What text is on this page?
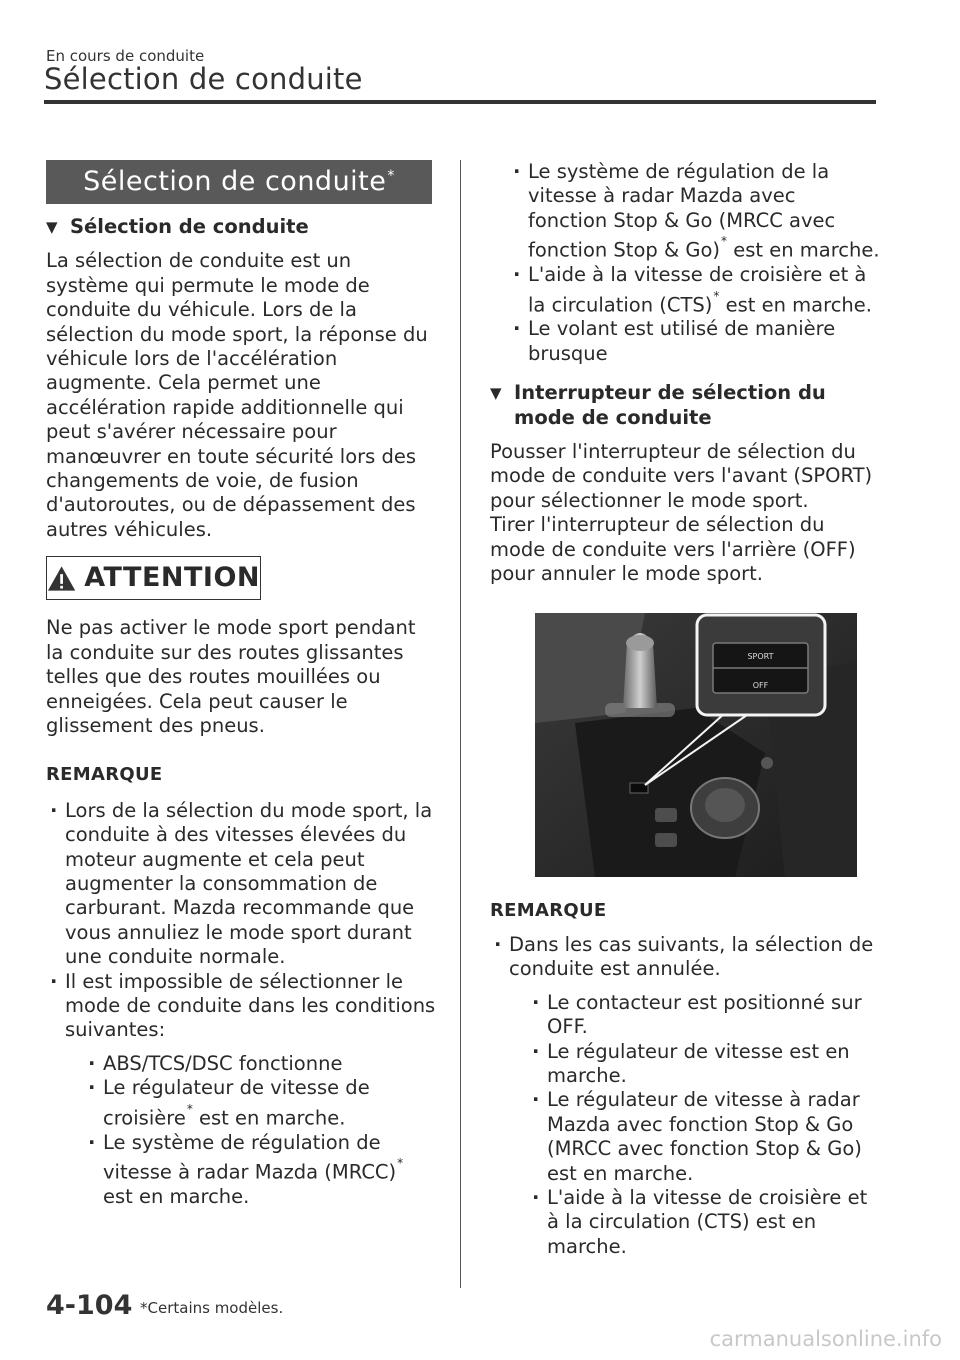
En cours de conduite
Sélection de conduite
Sélection de conduite*
▼ Sélection de conduite

La sélection de conduite est un système qui permute le mode de conduite du véhicule. Lors de la sélection du mode sport, la réponse du véhicule lors de l'accélération augmente. Cela permet une accélération rapide additionnelle qui peut s'avérer nécessaire pour manœuvrer en toute sécurité lors des changements de voie, de fusion d'autoroutes, ou de dépassement des autres véhicules.

ATTENTION

Ne pas activer le mode sport pendant la conduite sur des routes glissantes telles que des routes mouillées ou enneigées. Cela peut causer le glissement des pneus.

REMARQUE
· Lors de la sélection du mode sport, la conduite à des vitesses élevées du moteur augmente et cela peut augmenter la consommation de carburant. Mazda recommande que vous annuliez le mode sport durant une conduite normale.
· Il est impossible de sélectionner le mode de conduite dans les conditions suivantes:
· ABS/TCS/DSC fonctionne
· Le régulateur de vitesse de croisière* est en marche.
· Le système de régulation de vitesse à radar Mazda (MRCC)* est en marche.
· Le système de régulation de la vitesse à radar Mazda avec fonction Stop & Go (MRCC avec fonction Stop & Go)* est en marche.
· L'aide à la vitesse de croisière et à la circulation (CTS)* est en marche.
· Le volant est utilisé de manière brusque
▼ Interrupteur de sélection du mode de conduite

Pousser l'interrupteur de sélection du mode de conduite vers l'avant (SPORT) pour sélectionner le mode sport.

Tirer l'interrupteur de sélection du mode de conduite vers l'arrière (OFF) pour annuler le mode sport.

SPORT
OFF
REMARQUE
· Dans les cas suivants, la sélection de conduite est annulée.
· Le contacteur est positionné sur OFF.
· Le régulateur de vitesse est en marche.
· Le régulateur de vitesse à radar Mazda avec fonction Stop & Go (MRCC avec fonction Stop & Go) est en marche.
· L'aide à la vitesse de croisière et à la circulation (CTS) est en marche.
4-104 *Certains modèles.
carmanualsonline.info
